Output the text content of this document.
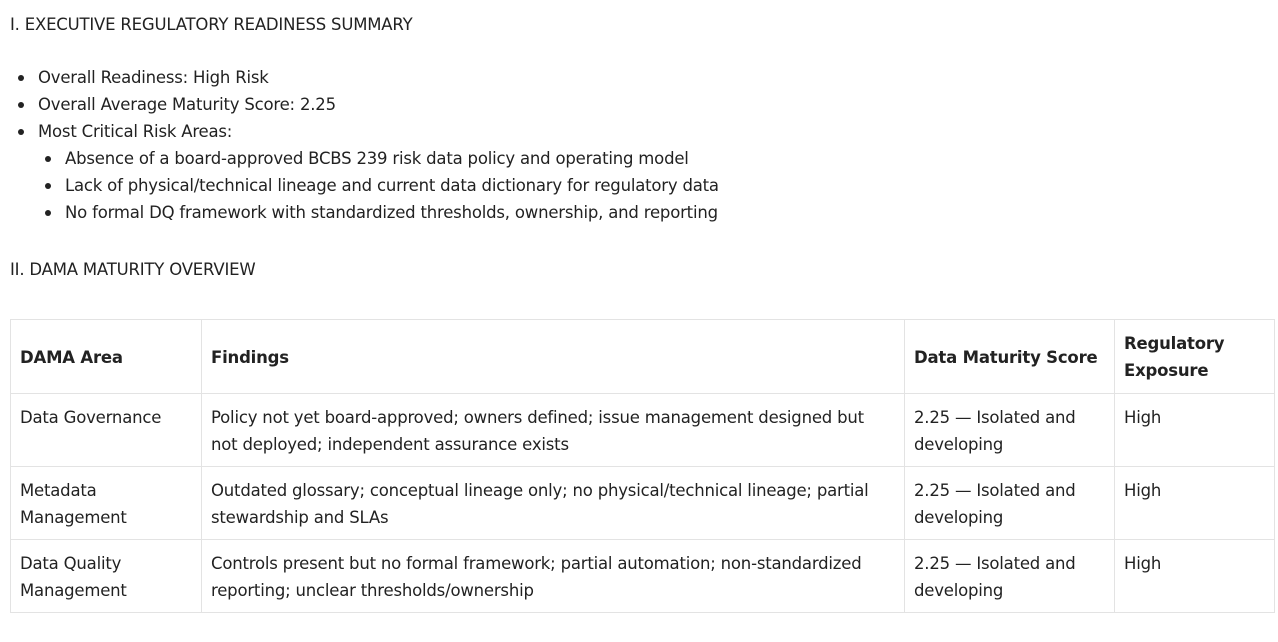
I. EXECUTIVE REGULATORY READINESS SUMMARY
Overall Readiness: High Risk
Overall Average Maturity Score: 2.25
Most Critical Risk Areas:
Absence of a board-approved BCBS 239 risk data policy and operating model
Lack of physical/technical lineage and current data dictionary for regulatory data
No formal DQ framework with standardized thresholds, ownership, and reporting
II. DAMA MATURITY OVERVIEW
DAMA Area	Findings	Data Maturity Score	Regulatory Exposure
Data Governance	Policy not yet board-approved; owners defined; issue management designed but not deployed; independent assurance exists	2.25 — Isolated and developing	High
Metadata Management	Outdated glossary; conceptual lineage only; no physical/technical lineage; partial stewardship and SLAs	2.25 — Isolated and developing	High
Data Quality Management	Controls present but no formal framework; partial automation; non-standardized reporting; unclear thresholds/ownership	2.25 — Isolated and developing	High
